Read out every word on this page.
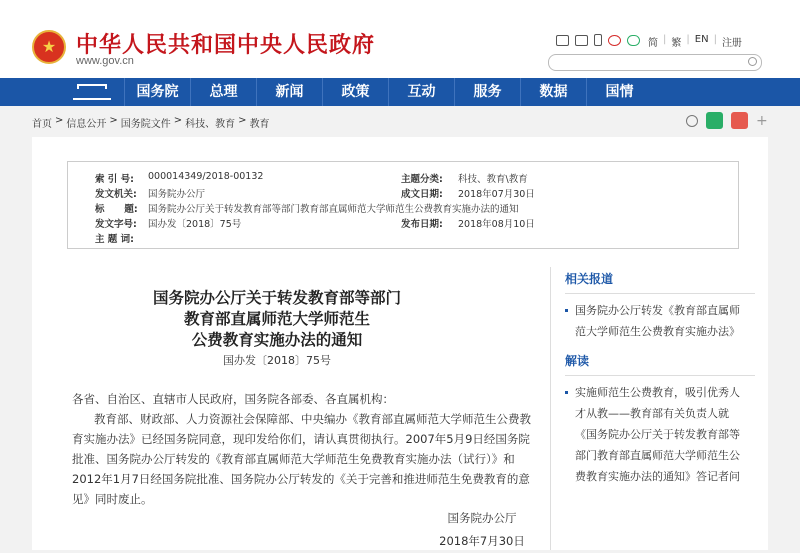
★
中华人民共和国中央人民政府
www.gov.cn
简 | 繁 | EN | 注册
国务院	总理	新闻	政策	互动	服务	数据	国情
首页 > 信息公开 > 国务院文件 > 科技、教育 > 教育	+
索 引 号:	000014349/2018-00132	主题分类: 科技、教育\教育
发文机关:	国务院办公厅	成文日期: 2018年07月30日
标      题:	国务院办公厅关于转发教育部等部门教育部直属师范大学师范生公费教育实施办法的通知
发文字号:	国办发〔2018〕75号	发布日期: 2018年08月10日
主 题 词:
国务院办公厅关于转发教育部等部门
教育部直属师范大学师范生
公费教育实施办法的通知
国办发〔2018〕75号

各省、自治区、直辖市人民政府，国务院各部委、各直属机构：

教育部、财政部、人力资源社会保障部、中央编办《教育部直属师范大学师范生公费教育实施办法》已经国务院同意，现印发给你们，请认真贯彻执行。2007年5月9日经国务院批准、国务院办公厅转发的《教育部直属师范大学师范生免费教育实施办法（试行）》和2012年1月7日经国务院批准、国务院办公厅转发的《关于完善和推进师范生免费教育的意见》同时废止。

国务院办公厅
2018年7月30日
相关报道
国务院办公厅转发《教育部直属师范大学师范生公费教育实施办法》
解读
实施师范生公费教育，吸引优秀人才从教——教育部有关负责人就《国务院办公厅关于转发教育部等部门教育部直属师范大学师范生公费教育实施办法的通知》答记者问
